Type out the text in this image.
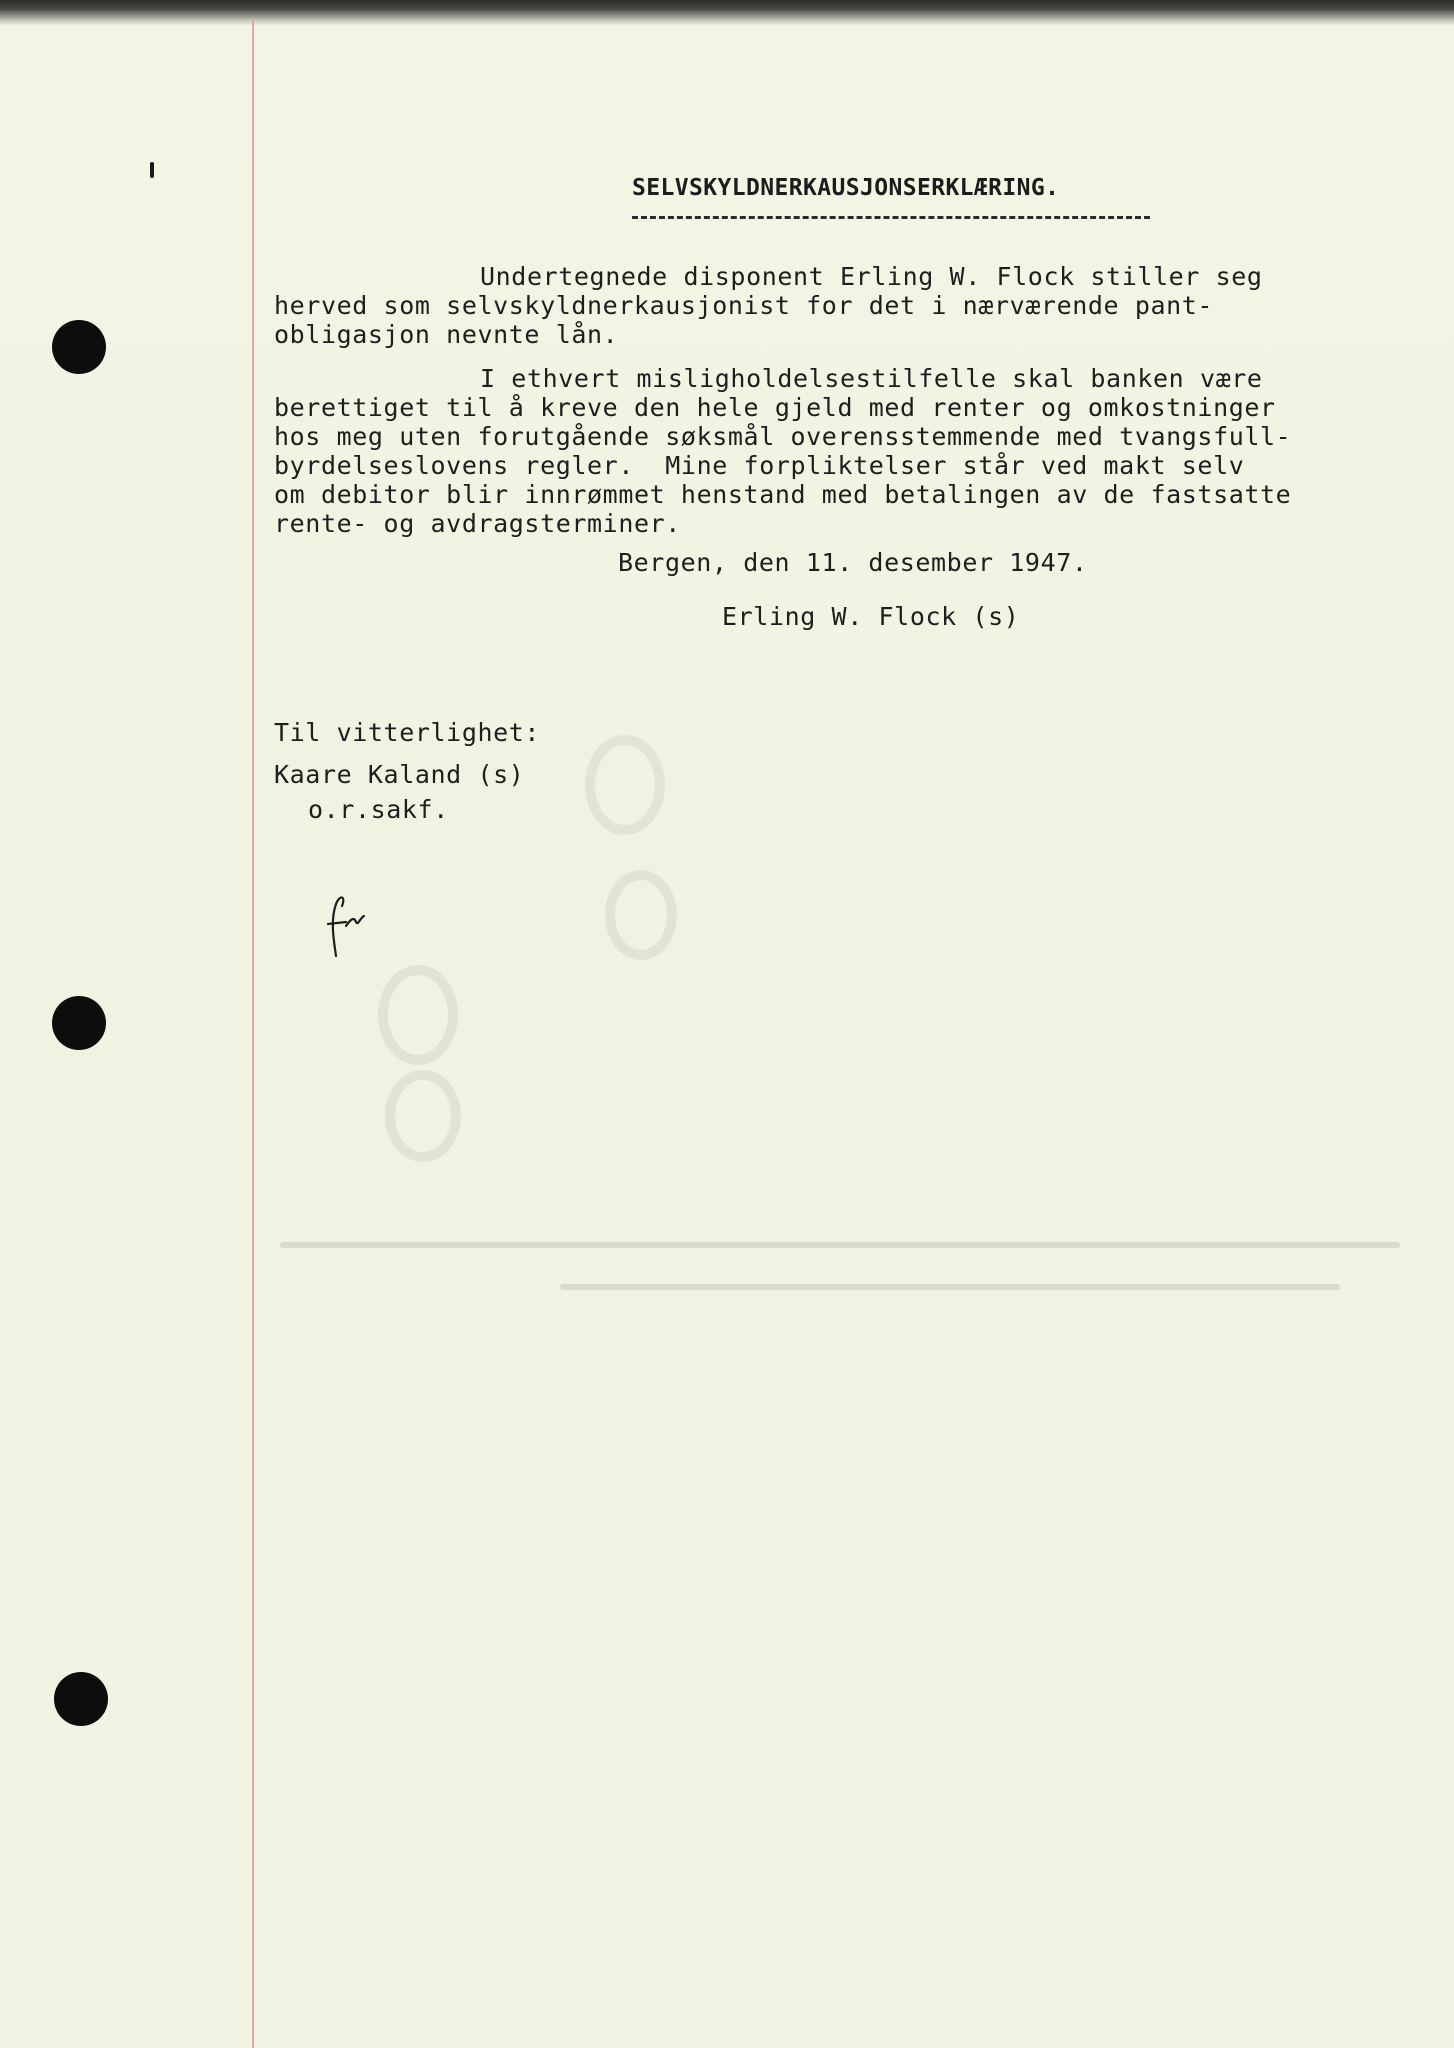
SELVSKYLDNERKAUSJONSERKLÆRING.
Undertegnede disponent Erling W. Flock stiller seg
herved som selvskyldnerkausjonist for det i nærværende pant-
obligasjon nevnte lån.
I ethvert misligholdelsestilfelle skal banken være
berettiget til å kreve den hele gjeld med renter og omkostninger
hos meg uten forutgående søksmål overensstemmende med tvangsfull-
byrdelseslovens regler.  Mine forpliktelser står ved makt selv
om debitor blir innrømmet henstand med betalingen av de fastsatte
rente- og avdragsterminer.
Bergen, den 11. desember 1947.
Erling W. Flock (s)
Til vitterlighet:
Kaare Kaland (s)
o.r.sakf.
